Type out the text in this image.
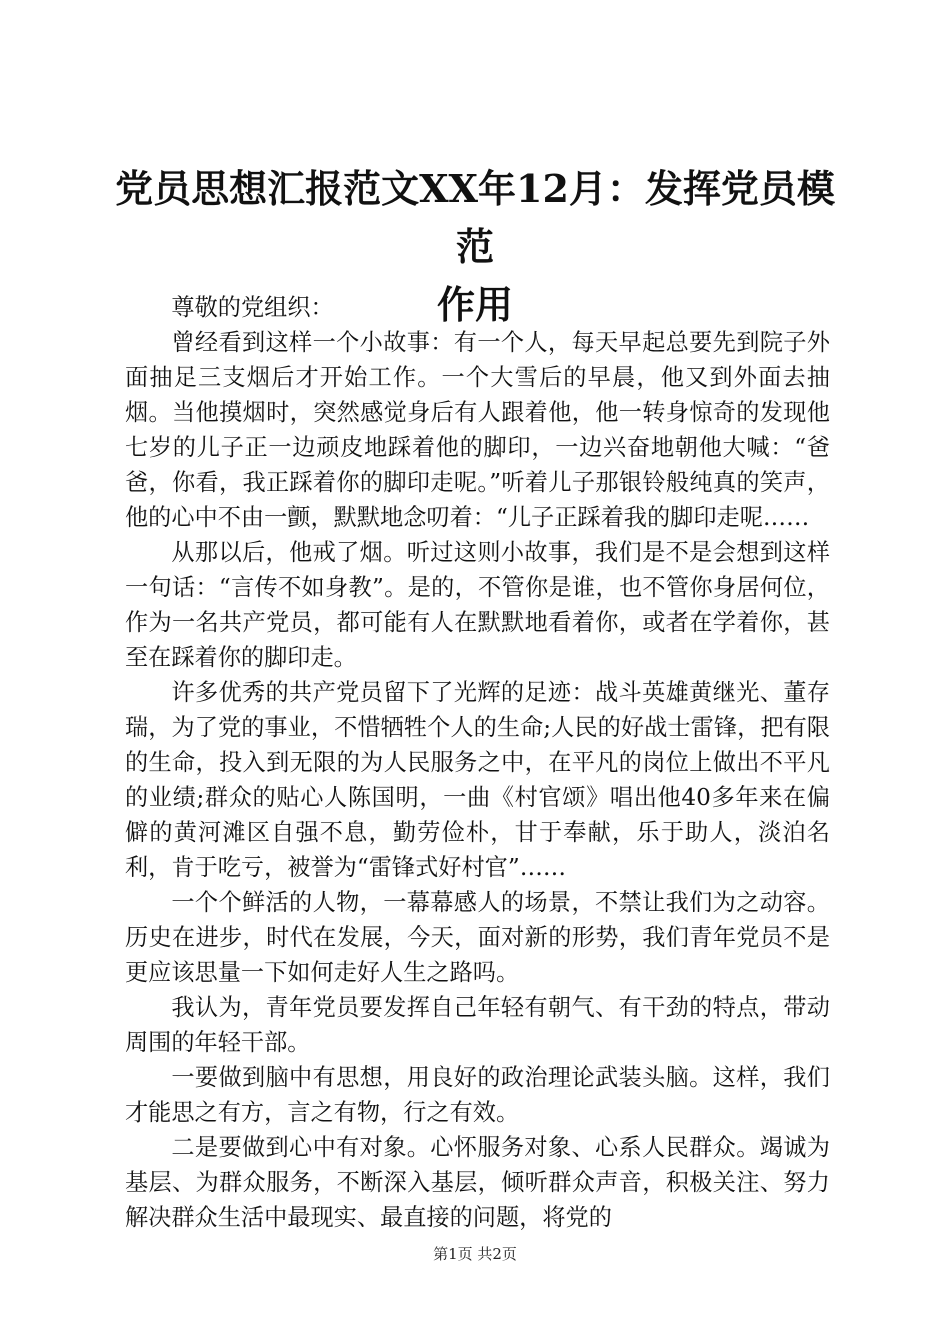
党员思想汇报范文XX年12月：发挥党员模范
作用

尊敬的党组织：

曾经看到这样一个小故事：有一个人，每天早起总要先到院子外面抽足三支烟后才开始工作。一个大雪后的早晨，他又到外面去抽烟。当他摸烟时，突然感觉身后有人跟着他，他一转身惊奇的发现他七岁的儿子正一边顽皮地踩着他的脚印，一边兴奋地朝他大喊：“爸爸，你看，我正踩着你的脚印走呢。”听着儿子那银铃般纯真的笑声，他的心中不由一颤，默默地念叨着：“儿子正踩着我的脚印走呢……

从那以后，他戒了烟。听过这则小故事，我们是不是会想到这样一句话：“言传不如身教”。是的，不管你是谁，也不管你身居何位，作为一名共产党员，都可能有人在默默地看着你，或者在学着你，甚至在踩着你的脚印走。

许多优秀的共产党员留下了光辉的足迹：战斗英雄黄继光、董存瑞，为了党的事业，不惜牺牲个人的生命;人民的好战士雷锋，把有限的生命，投入到无限的为人民服务之中，在平凡的岗位上做出不平凡的业绩;群众的贴心人陈国明，一曲《村官颂》唱出他40多年来在偏僻的黄河滩区自强不息，勤劳俭朴，甘于奉献，乐于助人，淡泊名利，肯于吃亏，被誉为“雷锋式好村官”……

一个个鲜活的人物，一幕幕感人的场景，不禁让我们为之动容。历史在进步，时代在发展，今天，面对新的形势，我们青年党员不是更应该思量一下如何走好人生之路吗。

我认为，青年党员要发挥自己年轻有朝气、有干劲的特点，带动周围的年轻干部。

一要做到脑中有思想，用良好的政治理论武装头脑。这样，我们才能思之有方，言之有物，行之有效。

二是要做到心中有对象。心怀服务对象、心系人民群众。竭诚为基层、为群众服务，不断深入基层，倾听群众声音，积极关注、努力解决群众生活中最现实、最直接的问题，将党的

第1页 共2页
